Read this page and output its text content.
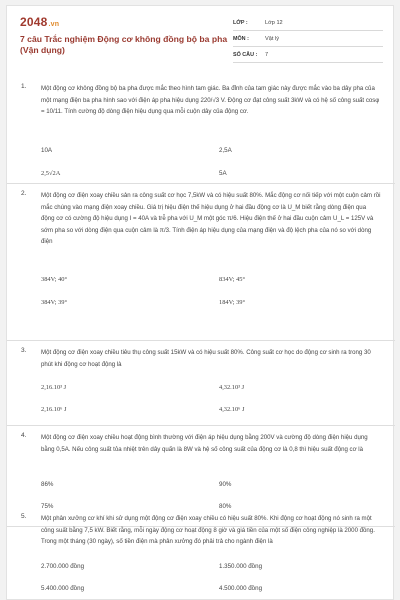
2048.vn
7 câu Trắc nghiệm Động cơ không đồng bộ ba pha (Vận dụng)
LỚP :	Lớp 12
MÔN :	Vật lý
SỐ CÂU :	7
1. Một động cơ không đồng bộ ba pha được mắc theo hình tam giác. Ba đỉnh của tam giác này được mắc vào ba dây pha của một mạng điện ba pha hình sao với điện áp pha hiệu dụng 220/√3 V. Động cơ đạt công suất 3kW và có hệ số công suất cosφ = 10/11. Tính cường độ dòng điện hiệu dụng qua mỗi cuộn dây của động cơ.
10A	2,5A
2,5√2A	5A
2. Một động cơ điện xoay chiều sản ra công suất cơ học 7,5kW và có hiệu suất 80%. Mắc động cơ nối tiếp với một cuộn cảm rồi mắc chúng vào mạng điện xoay chiều. Giá trị hiệu điện thế hiệu dụng ở hai đầu động cơ là U_M biết rằng dòng điện qua động cơ có cường độ hiệu dụng I = 40A và trễ pha với U_M một góc π/6. Hiệu điện thế ở hai đầu cuộn cảm U_L = 125V và sớm pha so với dòng điện qua cuộn cảm là π/3. Tính điện áp hiệu dụng của mạng điện và độ lệch pha của nó so với dòng điện
384V; 40°	834V; 45°
384V; 39°	184V; 39°
3. Một động cơ điện xoay chiều tiêu thụ công suất 15kW và có hiệu suất 80%. Công suất cơ học do động cơ sinh ra trong 30 phút khi động cơ hoạt động là
2,16.10³ J	4,32.10³ J
2,16.10⁶ J	4,32.10⁶ J
4. Một động cơ điện xoay chiều hoạt động bình thường với điện áp hiệu dụng bằng 200V và cường độ dòng điện hiệu dụng bằng 0,5A. Nếu công suất tỏa nhiệt trên dây quấn là 8W và hệ số công suất của động cơ là 0,8 thì hiệu suất động cơ là
86%	90%
75%	80%
5. Một phân xưởng cơ khí khi sử dụng một động cơ điện xoay chiều có hiệu suất 80%. Khi động cơ hoạt động nó sinh ra một công suất bằng 7,5 kW. Biết rằng, mỗi ngày động cơ hoạt động 8 giờ và giá tiền của một số điện công nghiệp là 2000 đồng. Trong một tháng (30 ngày), số tiền điện mà phân xưởng đó phải trả cho ngành điện là
2.700.000 đồng	1.350.000 đồng
5.400.000 đồng	4.500.000 đồng
